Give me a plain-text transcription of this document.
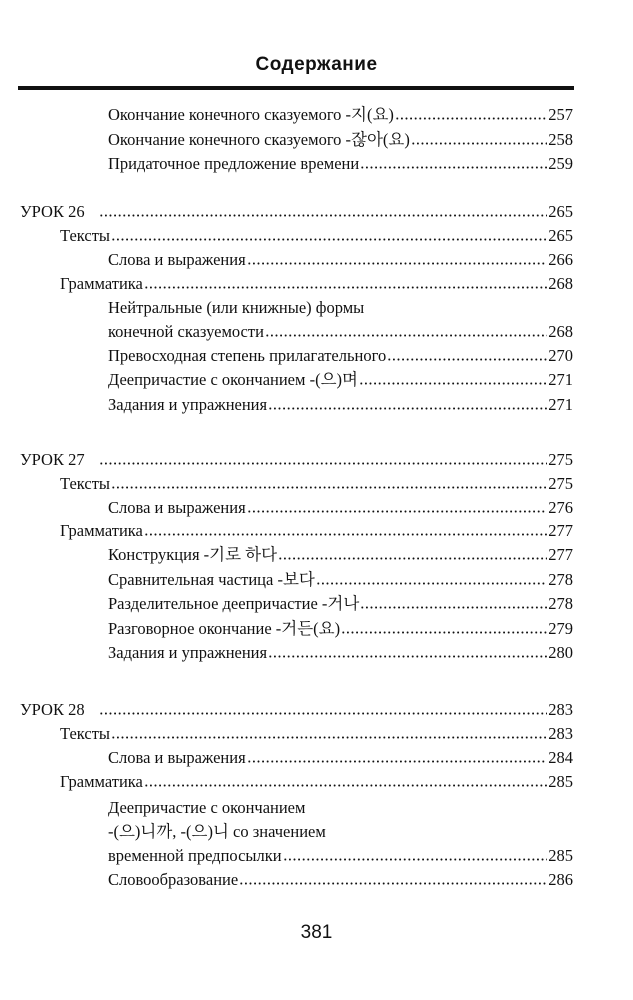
Содержание
Окончание конечного сказуемого -지(요)	257
Окончание конечного сказуемого -잖아(요)	258
Придаточное предложение времени	259
УРОК 26	265
Тексты	265
Слова и выражения	266
Грамматика	268
Нейтральные (или книжные) формы
конечной сказуемости	268
Превосходная степень прилагательного	270
Деепричастие с окончанием -(으)며	271
Задания и упражнения	271
УРОК 27	275
Тексты	275
Слова и выражения	276
Грамматика	277
Конструкция -기로 하다	277
Сравнительная частица -보다	278
Разделительное деепричастие -거나	278
Разговорное окончание -거든(요)	279
Задания и упражнения	280
УРОК 28	283
Тексты	283
Слова и выражения	284
Грамматика	285
Деепричастие с окончанием
-(으)니까, -(으)니 со значением
временной предпосылки	285
Словообразование	286
381
